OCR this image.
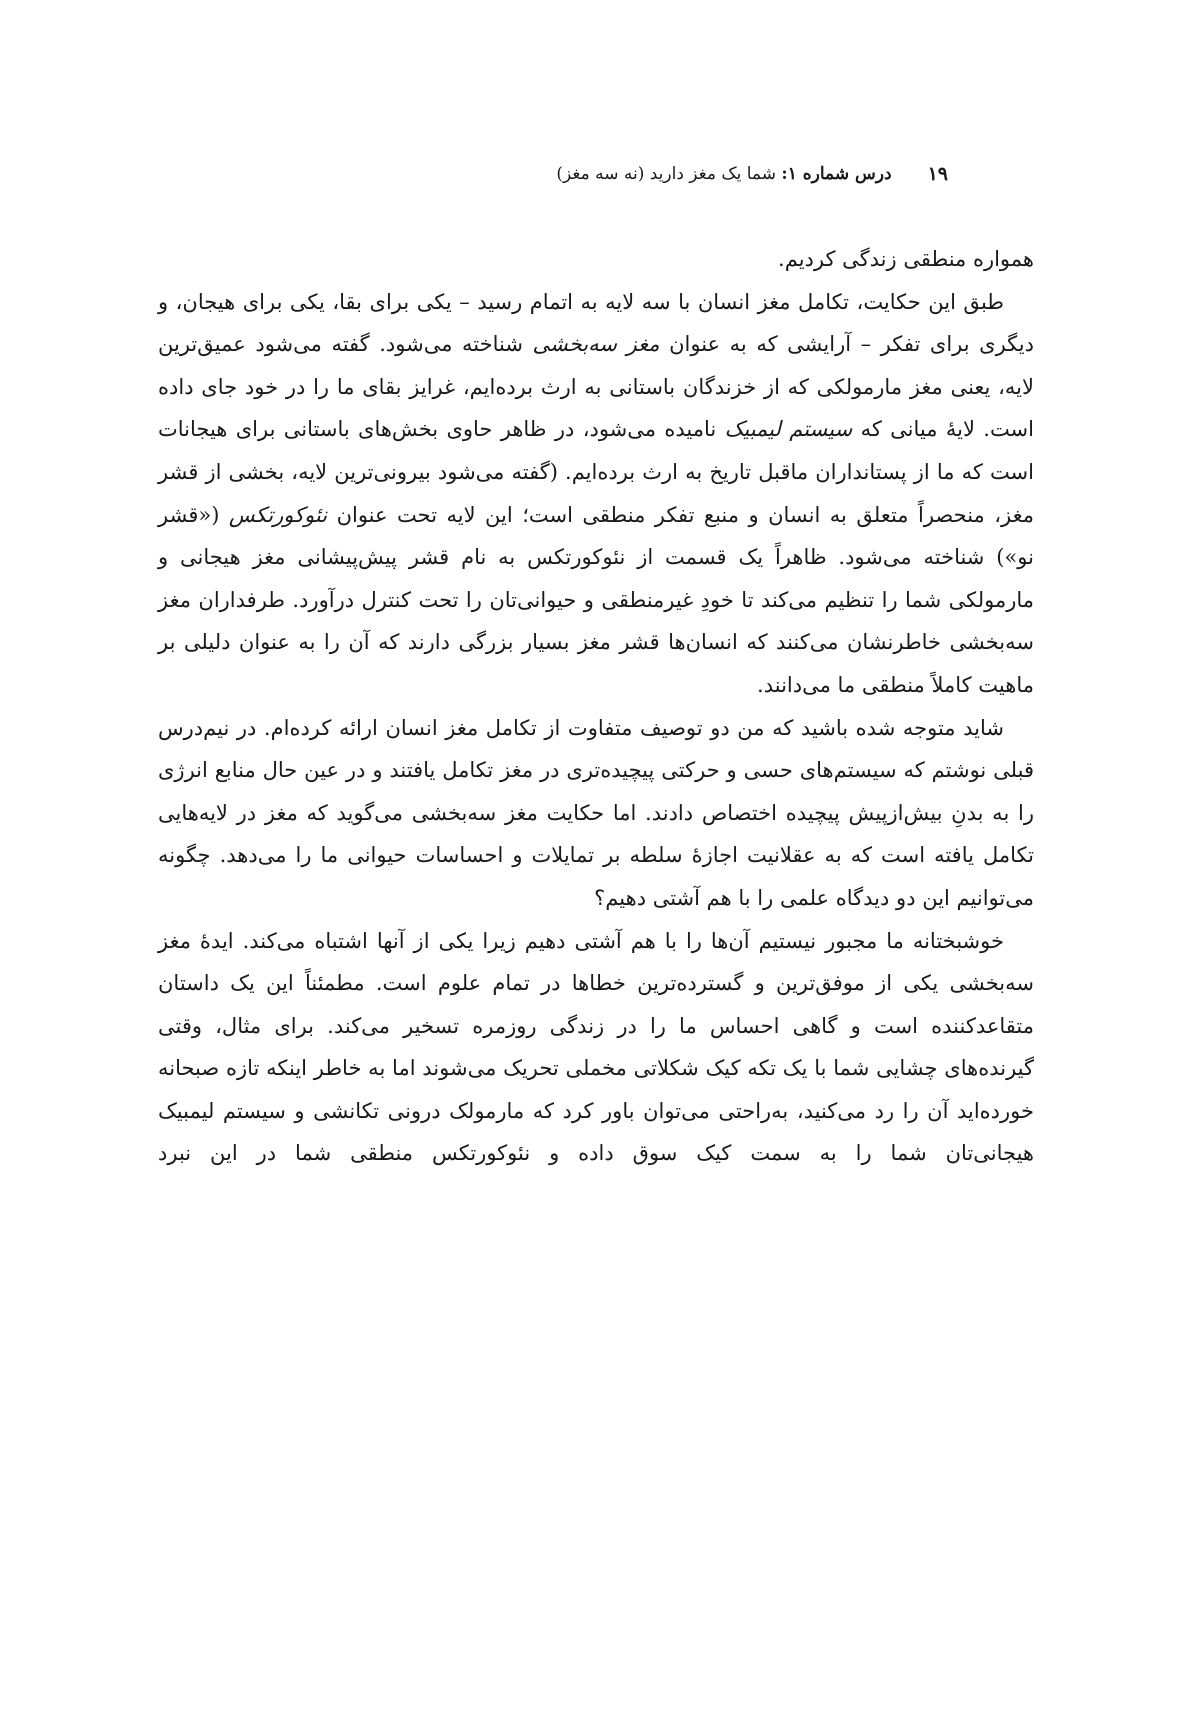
۱۹
درس شماره ۱:

شما یک مغز دارید (نه سه مغز)

همواره منطقی زندگی کردیم.

طبق این حکایت، تکامل مغز انسان با سه لایه به اتمام رسید – یکی برای بقا، یکی برای هیجان، و دیگری برای تفکر – آرایشی که به عنوان مغز سه‌بخشی شناخته می‌شود. گفته می‌شود عمیق‌ترین لایه، یعنی مغز مارمولکی که از خزندگان باستانی به ارث برده‌ایم، غرایز بقای ما را در خود جای داده است. لایهٔ میانی که سیستم لیمبیک نامیده می‌شود، در ظاهر حاوی بخش‌های باستانی برای هیجانات است که ما از پستانداران ماقبل تاریخ به ارث برده‌ایم. (گفته می‌شود بیرونی‌ترین لایه، بخشی از قشر مغز، منحصراً متعلق به انسان و منبع تفکر منطقی است؛ این لایه تحت عنوان نئوکورتکس («قشر نو») شناخته می‌شود. ظاهراً یک قسمت از نئوکورتکس به نام قشر پیش‌پیشانی مغز هیجانی و مارمولکی شما را تنظیم می‌کند تا خودِ غیرمنطقی و حیوانی‌تان را تحت کنترل درآورد. طرفداران مغز سه‌بخشی خاطرنشان می‌کنند که انسان‌ها قشر مغز بسیار بزرگی دارند که آن را به عنوان دلیلی بر ماهیت کاملاً منطقی ما می‌دانند.

شاید متوجه شده باشید که من دو توصیف متفاوت از تکامل مغز انسان ارائه کرده‌ام. در نیم‌درس قبلی نوشتم که سیستم‌های حسی و حرکتی پیچیده‌تری در مغز تکامل یافتند و در عین حال منابع انرژی را به بدنِ بیش‌ازپیش پیچیده اختصاص دادند. اما حکایت مغز سه‌بخشی می‌گوید که مغز در لایه‌هایی تکامل یافته است که به عقلانیت اجازهٔ سلطه بر تمایلات و احساسات حیوانی ما را می‌دهد. چگونه می‌توانیم این دو دیدگاه علمی را با هم آشتی دهیم؟

خوشبختانه ما مجبور نیستیم آن‌ها را با هم آشتی دهیم زیرا یکی از آنها اشتباه می‌کند. ایدهٔ مغز سه‌بخشی یکی از موفق‌ترین و گسترده‌ترین خطاها در تمام علوم است. مطمئناً این یک داستان متقاعدکننده است و گاهی احساس ما را در زندگی روزمره تسخیر می‌کند. برای مثال، وقتی گیرنده‌های چشایی شما با یک تکه کیک شکلاتی مخملی تحریک می‌شوند اما به خاطر اینکه تازه صبحانه خورده‌اید آن را رد می‌کنید، به‌راحتی می‌توان باور کرد که مارمولک درونی تکانشی و سیستم لیمبیک هیجانی‌تان شما را به سمت کیک سوق داده و نئوکورتکس منطقی شما در این نبرد
